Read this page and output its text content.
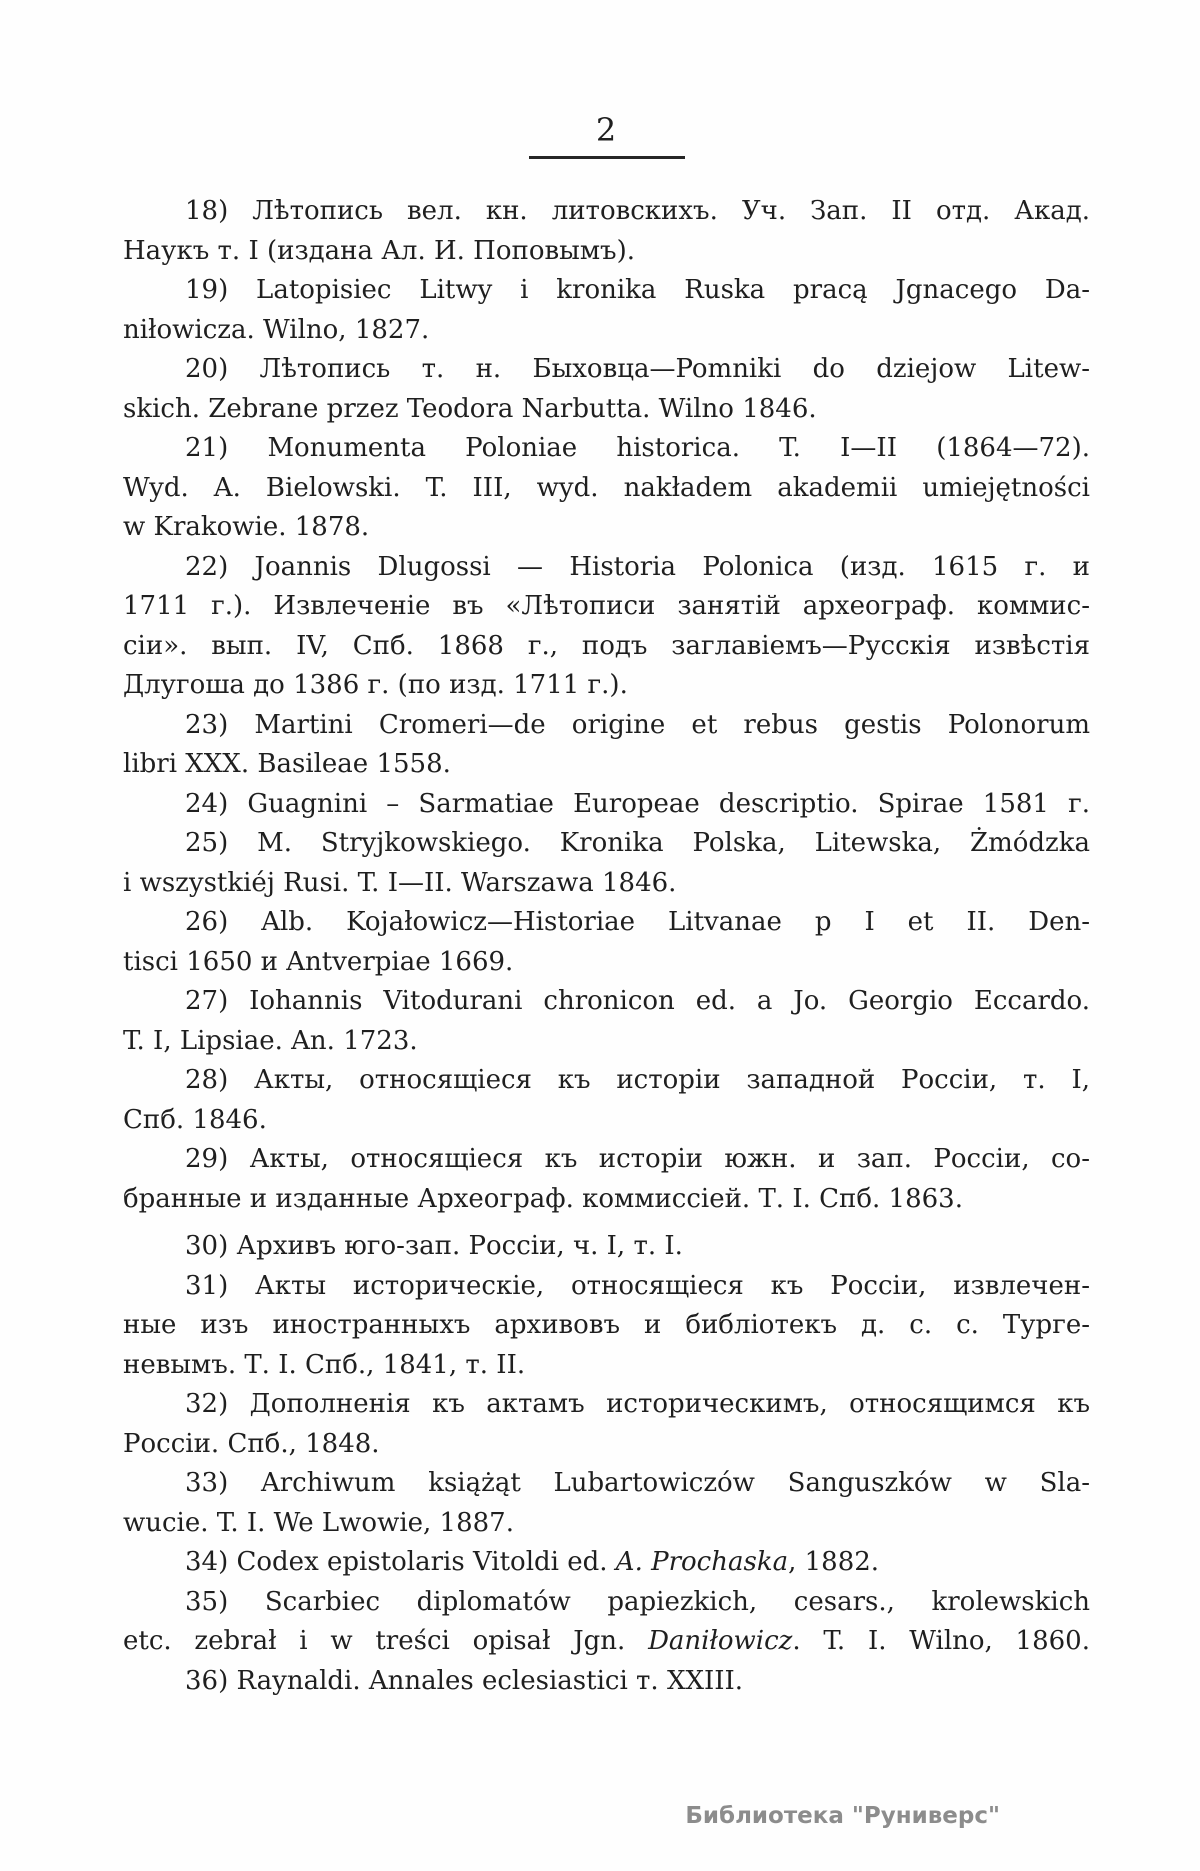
2
18) Лѣтопись вел. кн. литовскихъ. Уч. Зап. II отд. Акад.
Наукъ т. I (издана Ал. И. Поповымъ).
19) Latopisiec Litwy i kronika Ruska pracą Jgnacego Da-
niłowicza. Wilno, 1827.
20) Лѣтопись т. н. Быховца—Pomniki do dziejow Litew-
skich. Zebrane przez Teodora Narbutta. Wilno 1846.
21) Monumenta Poloniae historica. T. I—II (1864—72).
Wyd. A. Bielowski. T. III, wyd. nakładem akademii umiejętności
w Krakowie. 1878.
22) Joannis Dlugossi — Historia Polonica (изд. 1615 г. и
1711 г.). Извлеченіе въ «Лѣтописи занятій археограф. коммис-
сіи». вып. IV, Спб. 1868 г., подъ заглавіемъ—Русскія извѣстія
Длугоша до 1386 г. (по изд. 1711 г.).
23) Martini Cromeri—de origine et rebus gestis Polonorum
libri XXX. Basileae 1558.
24) Guagnini – Sarmatiae Europeae descriptio. Spirae 1581 г.
25) M. Stryjkowskiego. Kronika Polska, Litewska, Żmódzka
i wszystkiéj Rusi. T. I—II. Warszawa 1846.
26) Alb. Kojałowicz—Historiae Litvanae p I et II. Den-
tisci 1650 и Antverpiae 1669.
27) Iohannis Vitodurani chronicon ed. a Jo. Georgio Eccardo.
T. I, Lipsiae. An. 1723.
28) Акты, относящіеся къ исторіи западной Россіи, т. I,
Спб. 1846.
29) Акты, относящіеся къ исторіи южн. и зап. Россіи, со-
бранные и изданные Археограф. коммиссіей. Т. I. Спб. 1863.
30) Архивъ юго-зап. Россіи, ч. I, т. I.
31) Акты историческіе, относящіеся къ Россіи, извлечен-
ные изъ иностранныхъ архивовъ и библіотекъ д. с. с. Турге-
невымъ. Т. I. Спб., 1841, т. II.
32) Дополненія къ актамъ историческимъ, относящимся къ
Россіи. Спб., 1848.
33) Archiwum książąt Lubartowiczów Sanguszków w Sla-
wucie. T. I. We Lwowie, 1887.
34) Codex epistolaris Vitoldi ed. A. Prochaska, 1882.
35) Scarbiec diplomatów papiezkich, cesars., krolewskich
etc. zebrał i w treści opisał Jgn. Daniłowicz. T. I. Wilno, 1860.
36) Raynaldi. Annales eclesiastici т. XXIII.
Библиотека "Руниверс"
